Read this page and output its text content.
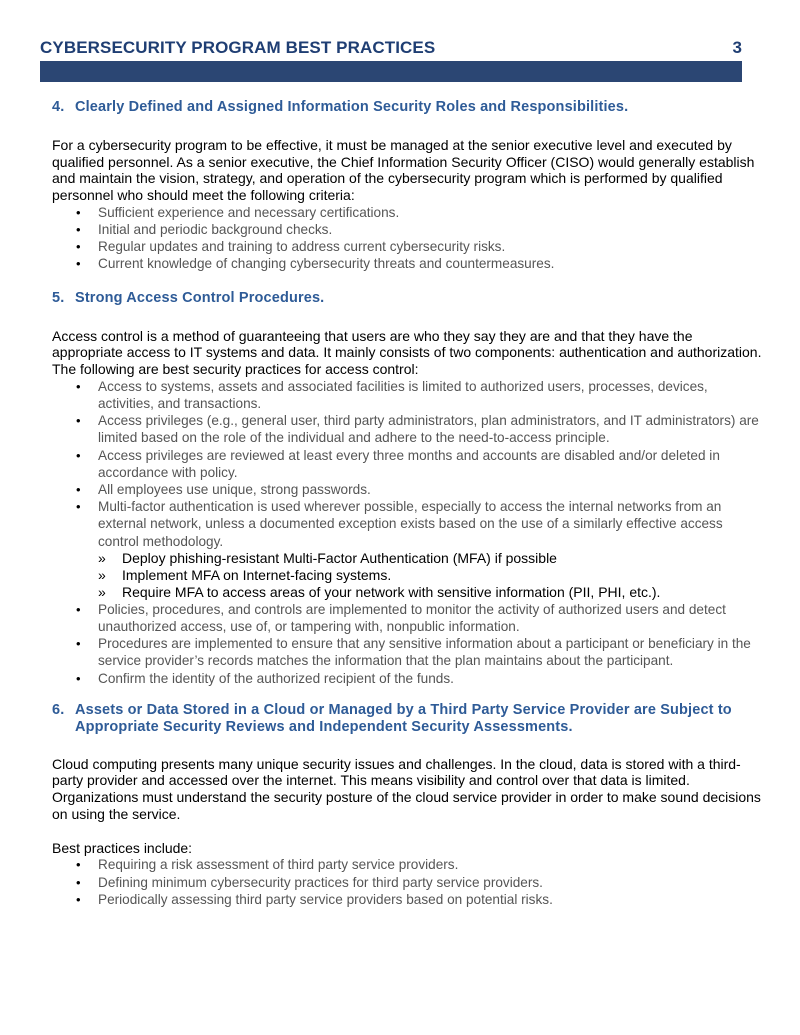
CYBERSECURITY PROGRAM BEST PRACTICES	3
4. Clearly Defined and Assigned Information Security Roles and Responsibilities.

For a cybersecurity program to be effective, it must be managed at the senior executive level and executed by qualified personnel. As a senior executive, the Chief Information Security Officer (CISO) would generally establish and maintain the vision, strategy, and operation of the cybersecurity program which is performed by qualified personnel who should meet the following criteria:

• Sufficient experience and necessary certifications.
• Initial and periodic background checks.
• Regular updates and training to address current cybersecurity risks.
• Current knowledge of changing cybersecurity threats and countermeasures.
5. Strong Access Control Procedures.

Access control is a method of guaranteeing that users are who they say they are and that they have the appropriate access to IT systems and data. It mainly consists of two components: authentication and authorization. The following are best security practices for access control:

• Access to systems, assets and associated facilities is limited to authorized users, processes, devices, activities, and transactions.
• Access privileges (e.g., general user, third party administrators, plan administrators, and IT administrators) are limited based on the role of the individual and adhere to the need-to-access principle.
• Access privileges are reviewed at least every three months and accounts are disabled and/or deleted in accordance with policy.
• All employees use unique, strong passwords.
• Multi-factor authentication is used wherever possible, especially to access the internal networks from an external network, unless a documented exception exists based on the use of a similarly effective access control methodology.
» Deploy phishing-resistant Multi-Factor Authentication (MFA) if possible
» Implement MFA on Internet-facing systems.
» Require MFA to access areas of your network with sensitive information (PII, PHI, etc.).
• Policies, procedures, and controls are implemented to monitor the activity of authorized users and detect unauthorized access, use of, or tampering with, nonpublic information.
• Procedures are implemented to ensure that any sensitive information about a participant or beneficiary in the service provider’s records matches the information that the plan maintains about the participant.
• Confirm the identity of the authorized recipient of the funds.
6. Assets or Data Stored in a Cloud or Managed by a Third Party Service Provider are Subject to Appropriate Security Reviews and Independent Security Assessments.

Cloud computing presents many unique security issues and challenges. In the cloud, data is stored with a third-party provider and accessed over the internet. This means visibility and control over that data is limited. Organizations must understand the security posture of the cloud service provider in order to make sound decisions on using the service.

Best practices include:

• Requiring a risk assessment of third party service providers.
• Defining minimum cybersecurity practices for third party service providers.
• Periodically assessing third party service providers based on potential risks.
